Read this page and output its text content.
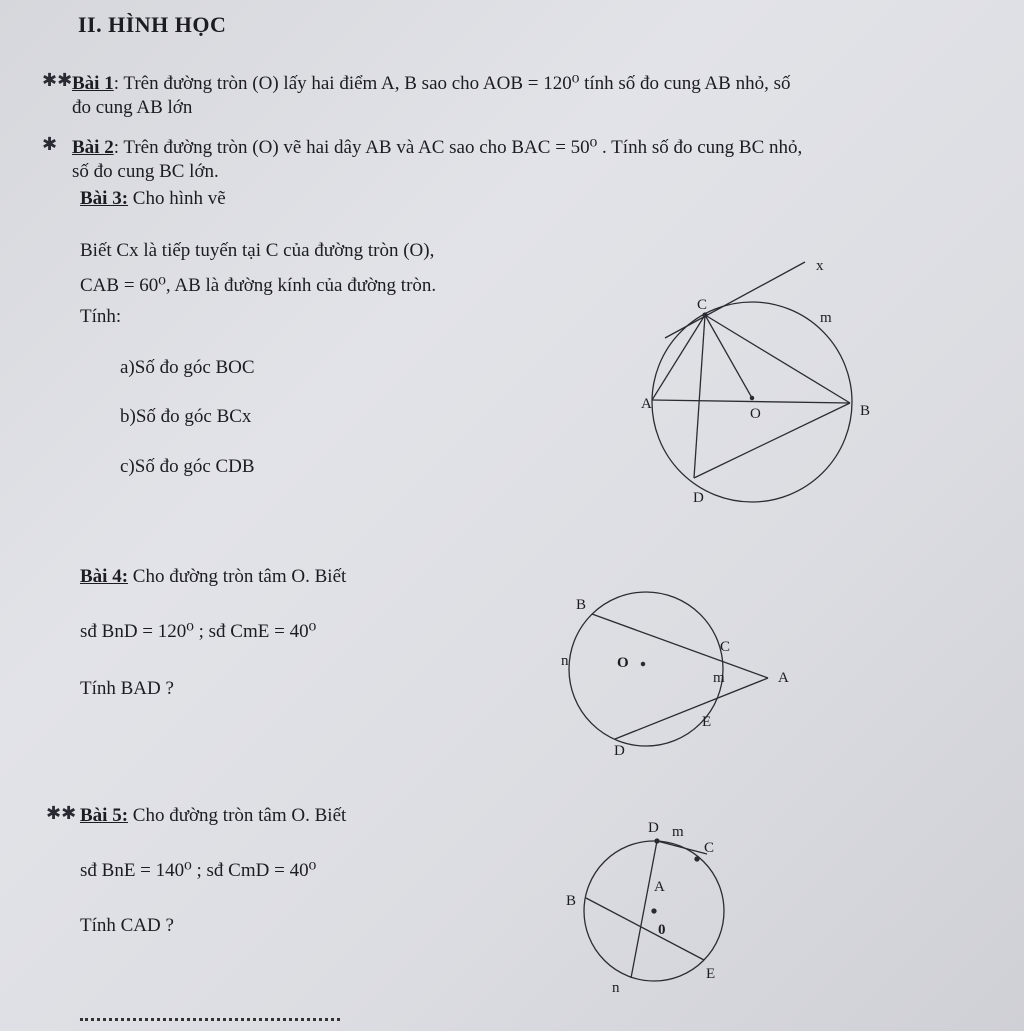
II. HÌNH HỌC
✱✱ Bài 1: Trên đường tròn (O) lấy hai điểm A, B sao cho AOB = 120⁰ tính số đo cung AB nhỏ, số
đo cung AB lớn
✱ Bài 2: Trên đường tròn (O) vẽ hai dây AB và AC sao cho BAC = 50⁰ . Tính số đo cung BC nhỏ,
số đo cung BC lớn.
Bài 3: Cho hình vẽ
Biết Cx là tiếp tuyến tại C của đường tròn (O),
CAB = 60⁰, AB là đường kính của đường tròn.
Tính:
a)Số đo góc BOC
b)Số đo góc BCx
c)Số đo góc CDB
Bài 4: Cho đường tròn tâm O. Biết
sđ BnD = 120⁰ ; sđ CmE = 40⁰
Tính BAD ?
✱✱ Bài 5: Cho đường tròn tâm O. Biết
sđ BnE = 140⁰ ; sđ CmD = 40⁰
Tính CAD ?
x
C
m
A
O	B
D
B
n	O
C
m	A
E
D
D m
C
A
B
0
E
n
